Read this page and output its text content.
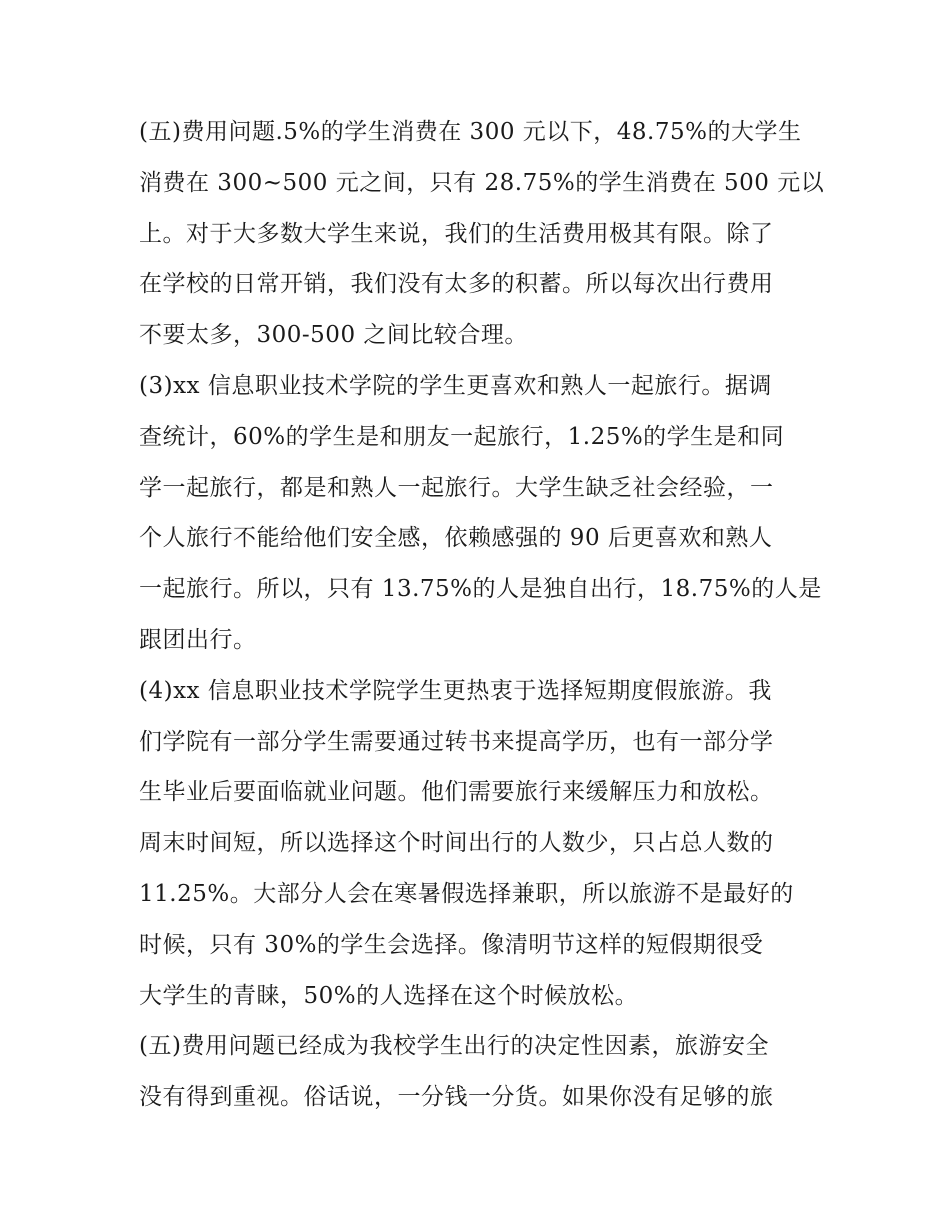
(五)费用问题.5%的学生消费在 300 元以下，48.75%的大学生
消费在 300~500 元之间，只有 28.75%的学生消费在 500 元以
上。对于大多数大学生来说，我们的生活费用极其有限。除了
在学校的日常开销，我们没有太多的积蓄。所以每次出行费用
不要太多，300-500 之间比较合理。
(3)xx 信息职业技术学院的学生更喜欢和熟人一起旅行。据调
查统计，60%的学生是和朋友一起旅行，1.25%的学生是和同
学一起旅行，都是和熟人一起旅行。大学生缺乏社会经验，一
个人旅行不能给他们安全感，依赖感强的 90 后更喜欢和熟人
一起旅行。所以，只有 13.75%的人是独自出行，18.75%的人是
跟团出行。
(4)xx 信息职业技术学院学生更热衷于选择短期度假旅游。我
们学院有一部分学生需要通过转书来提高学历，也有一部分学
生毕业后要面临就业问题。他们需要旅行来缓解压力和放松。
周末时间短，所以选择这个时间出行的人数少，只占总人数的
11.25%。大部分人会在寒暑假选择兼职，所以旅游不是最好的
时候，只有 30%的学生会选择。像清明节这样的短假期很受
大学生的青睐，50%的人选择在这个时候放松。
(五)费用问题已经成为我校学生出行的决定性因素，旅游安全
没有得到重视。俗话说，一分钱一分货。如果你没有足够的旅
